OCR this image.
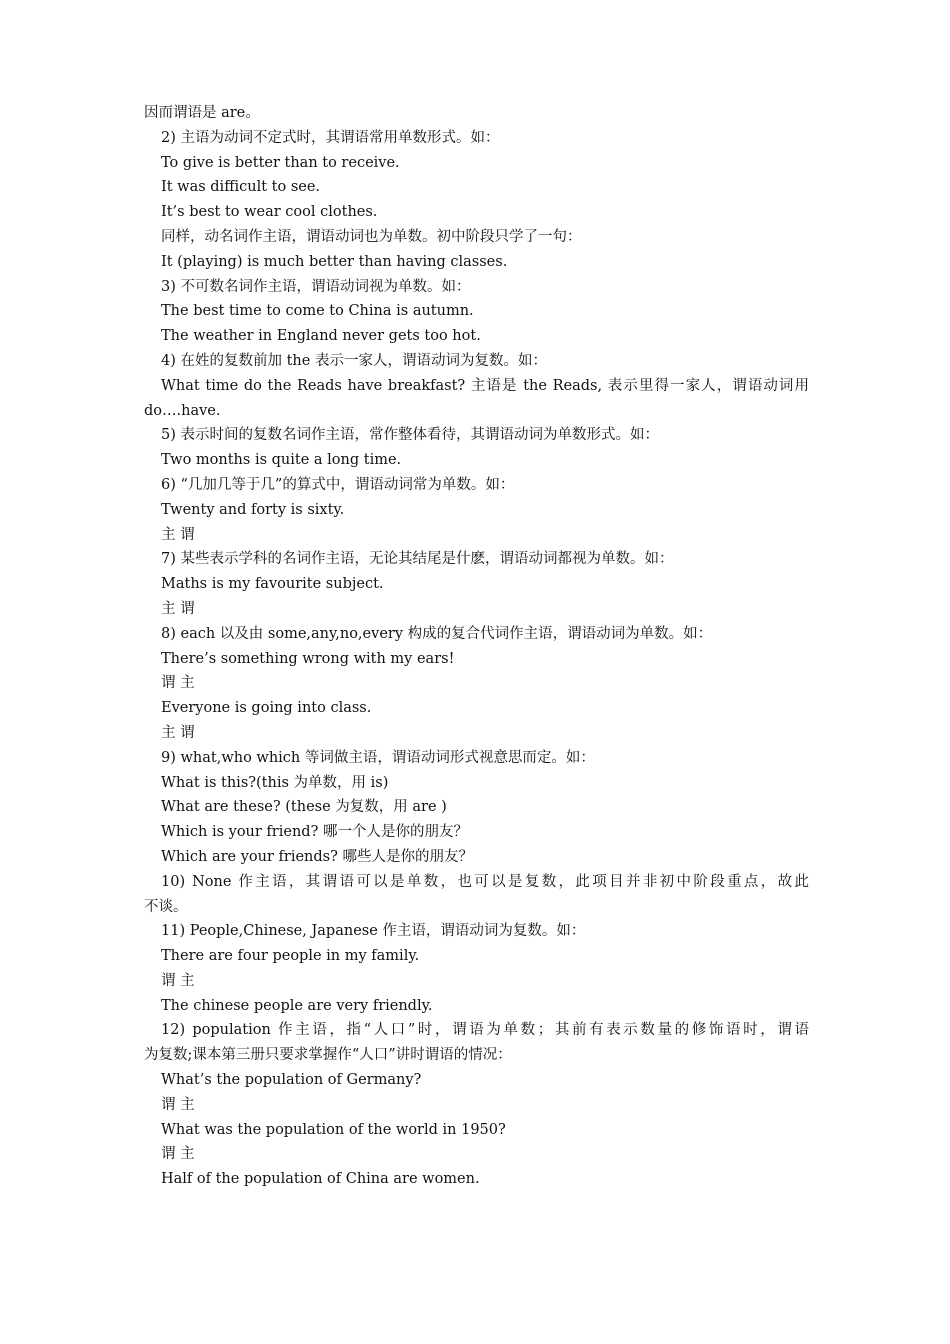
因而谓语是 are。
2) 主语为动词不定式时，其谓语常用单数形式。如：
To give is better than to receive.
It was difficult to see.
It’s best to wear cool clothes.
同样，动名词作主语，谓语动词也为单数。初中阶段只学了一句：
It (playing) is much better than having classes.
3) 不可数名词作主语，谓语动词视为单数。如：
The best time to come to China is autumn.
The weather in England never gets too hot.
4) 在姓的复数前加 the 表示一家人，谓语动词为复数。如：
What time do the Reads have breakfast? 主语是 the Reads, 表示里得一家人，谓语动词用
do….have.
5) 表示时间的复数名词作主语，常作整体看待，其谓语动词为单数形式。如：
Two months is quite a long time.
6) “几加几等于几”的算式中，谓语动词常为单数。如：
Twenty and forty is sixty.
主 谓
7) 某些表示学科的名词作主语，无论其结尾是什麽，谓语动词都视为单数。如：
Maths is my favourite subject.
主 谓
8) each 以及由 some,any,no,every 构成的复合代词作主语，谓语动词为单数。如：
There’s something wrong with my ears!
谓 主
Everyone is going into class.
主 谓
9) what,who which 等词做主语，谓语动词形式视意思而定。如：
What is this?(this 为单数，用 is)
What are these? (these 为复数，用 are )
Which is your friend? 哪一个人是你的朋友？
Which are your friends? 哪些人是你的朋友？
10) None 作主语，其谓语可以是单数，也可以是复数，此项目并非初中阶段重点，故此
不谈。
11) People,Chinese, Japanese 作主语，谓语动词为复数。如：
There are four people in my family.
谓 主
The chinese people are very friendly.
12) population 作主语，指“人口”时，谓语为单数；其前有表示数量的修饰语时，谓语
为复数;课本第三册只要求掌握作“人口”讲时谓语的情况：
What’s the population of Germany?
谓 主
What was the population of the world in 1950?
谓 主
Half of the population of China are women.
